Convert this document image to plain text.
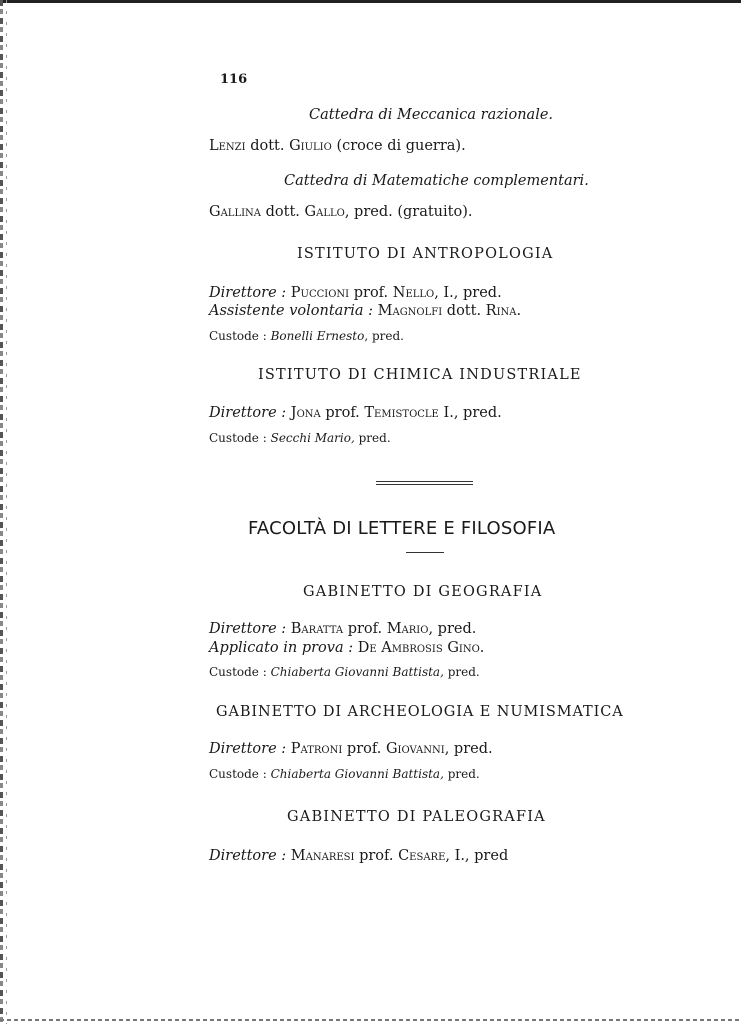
116
Cattedra di Meccanica razionale.
Lenzi dott. Giulio (croce di guerra).
Cattedra di Matematiche complementari.
Gallina dott. Gallo, pred. (gratuito).
ISTITUTO DI ANTROPOLOGIA
Direttore : Puccioni prof. Nello, I., pred.
Assistente volontaria : Magnolfi dott. Rina.
Custode : Bonelli Ernesto, pred.
ISTITUTO DI CHIMICA INDUSTRIALE
Direttore : Jona prof. Temistocle I., pred.
Custode : Secchi Mario, pred.
FACOLTÀ DI LETTERE E FILOSOFIA
GABINETTO DI GEOGRAFIA
Direttore : Baratta prof. Mario, pred.
Applicato in prova : De Ambrosis Gino.
Custode : Chiaberta Giovanni Battista, pred.
GABINETTO DI ARCHEOLOGIA E NUMISMATICA
Direttore : Patroni prof. Giovanni, pred.
Custode : Chiaberta Giovanni Battista, pred.
GABINETTO DI PALEOGRAFIA
Direttore : Manaresi prof. Cesare, I., pred
